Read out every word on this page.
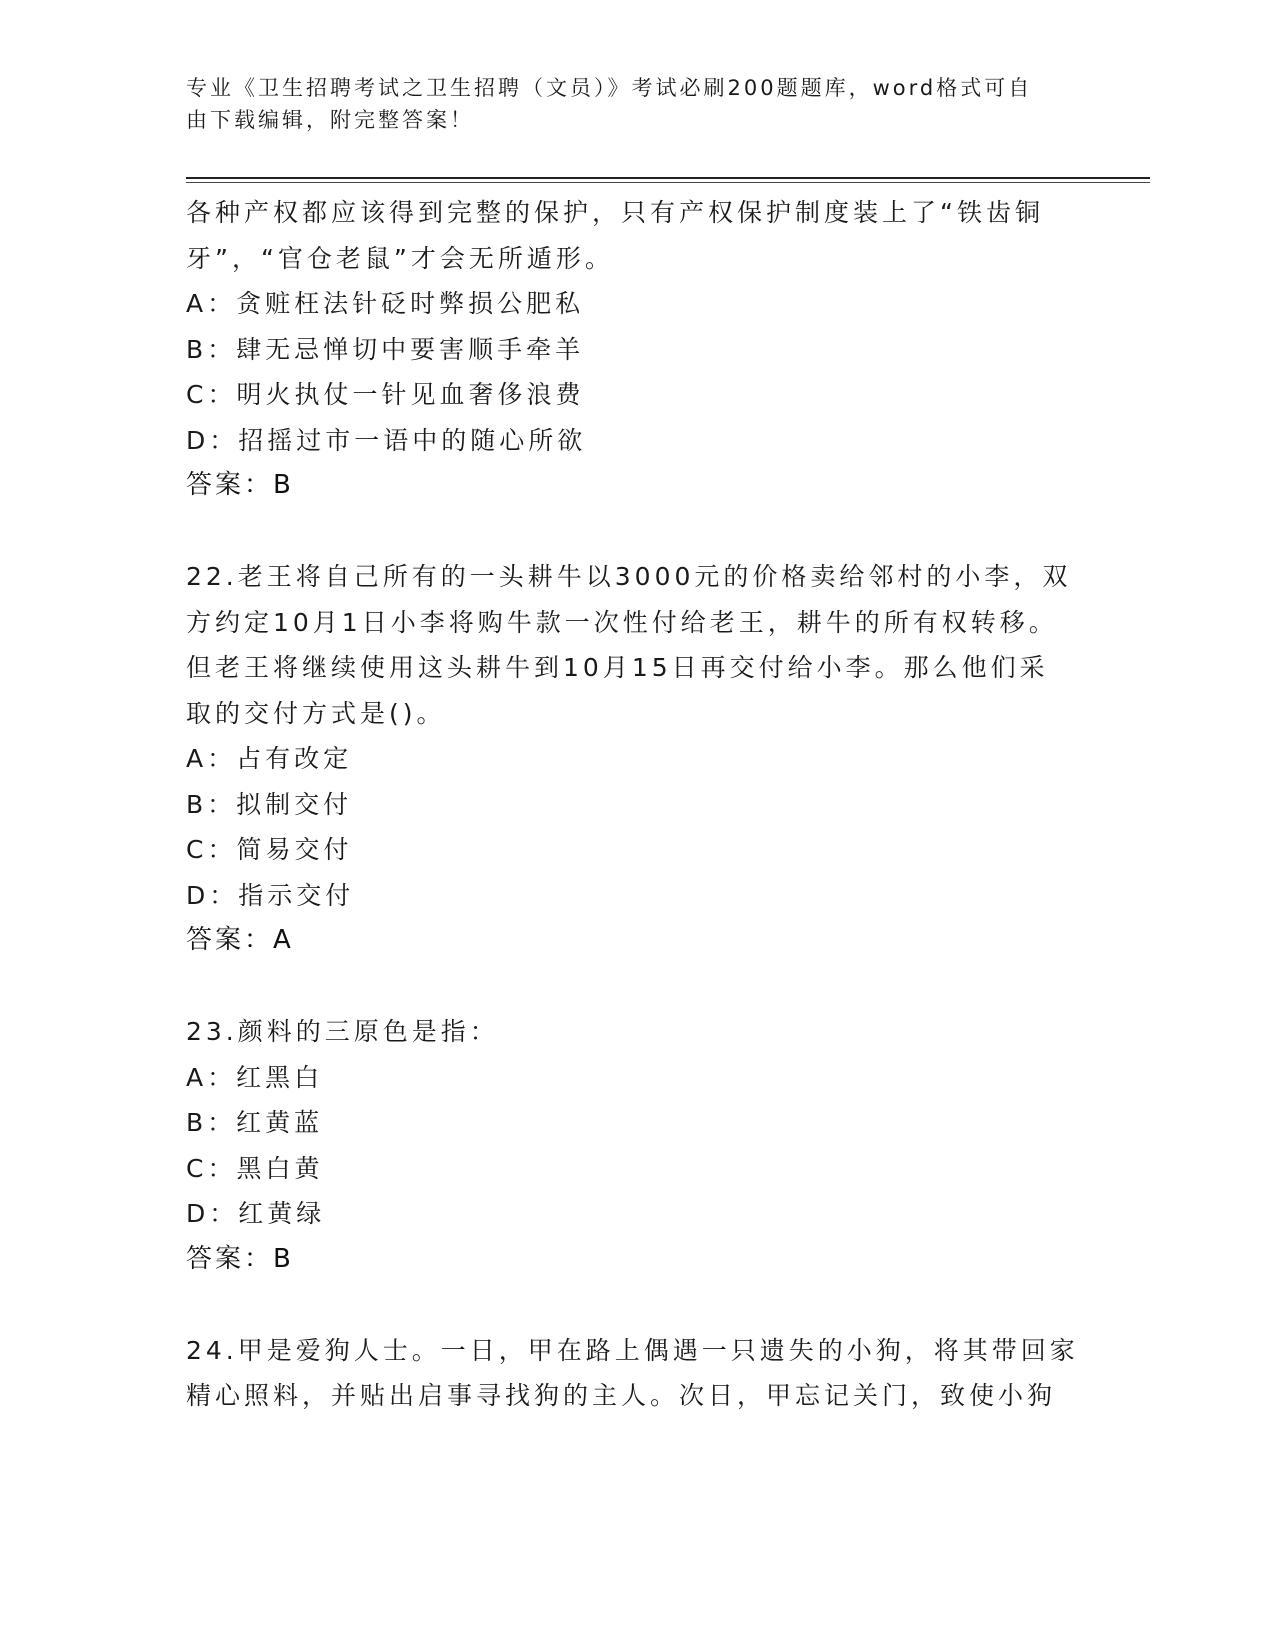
专业《卫生招聘考试之卫生招聘（文员）》考试必刷200题题库，word格式可自
由下载编辑，附完整答案！
各种产权都应该得到完整的保护，只有产权保护制度装上了“铁齿铜
牙”，“官仓老鼠”才会无所遁形。
A：贪赃枉法针砭时弊损公肥私
B：肆无忌惮切中要害顺手牵羊
C：明火执仗一针见血奢侈浪费
D：招摇过市一语中的随心所欲
答案：B
22.老王将自己所有的一头耕牛以3000元的价格卖给邻村的小李，双
方约定10月1日小李将购牛款一次性付给老王，耕牛的所有权转移。
但老王将继续使用这头耕牛到10月15日再交付给小李。那么他们采
取的交付方式是()。
A：占有改定
B：拟制交付
C：简易交付
D：指示交付
答案：A
23.颜料的三原色是指：
A：红黑白
B：红黄蓝
C：黑白黄
D：红黄绿
答案：B
24.甲是爱狗人士。一日，甲在路上偶遇一只遗失的小狗，将其带回家
精心照料，并贴出启事寻找狗的主人。次日，甲忘记关门，致使小狗
